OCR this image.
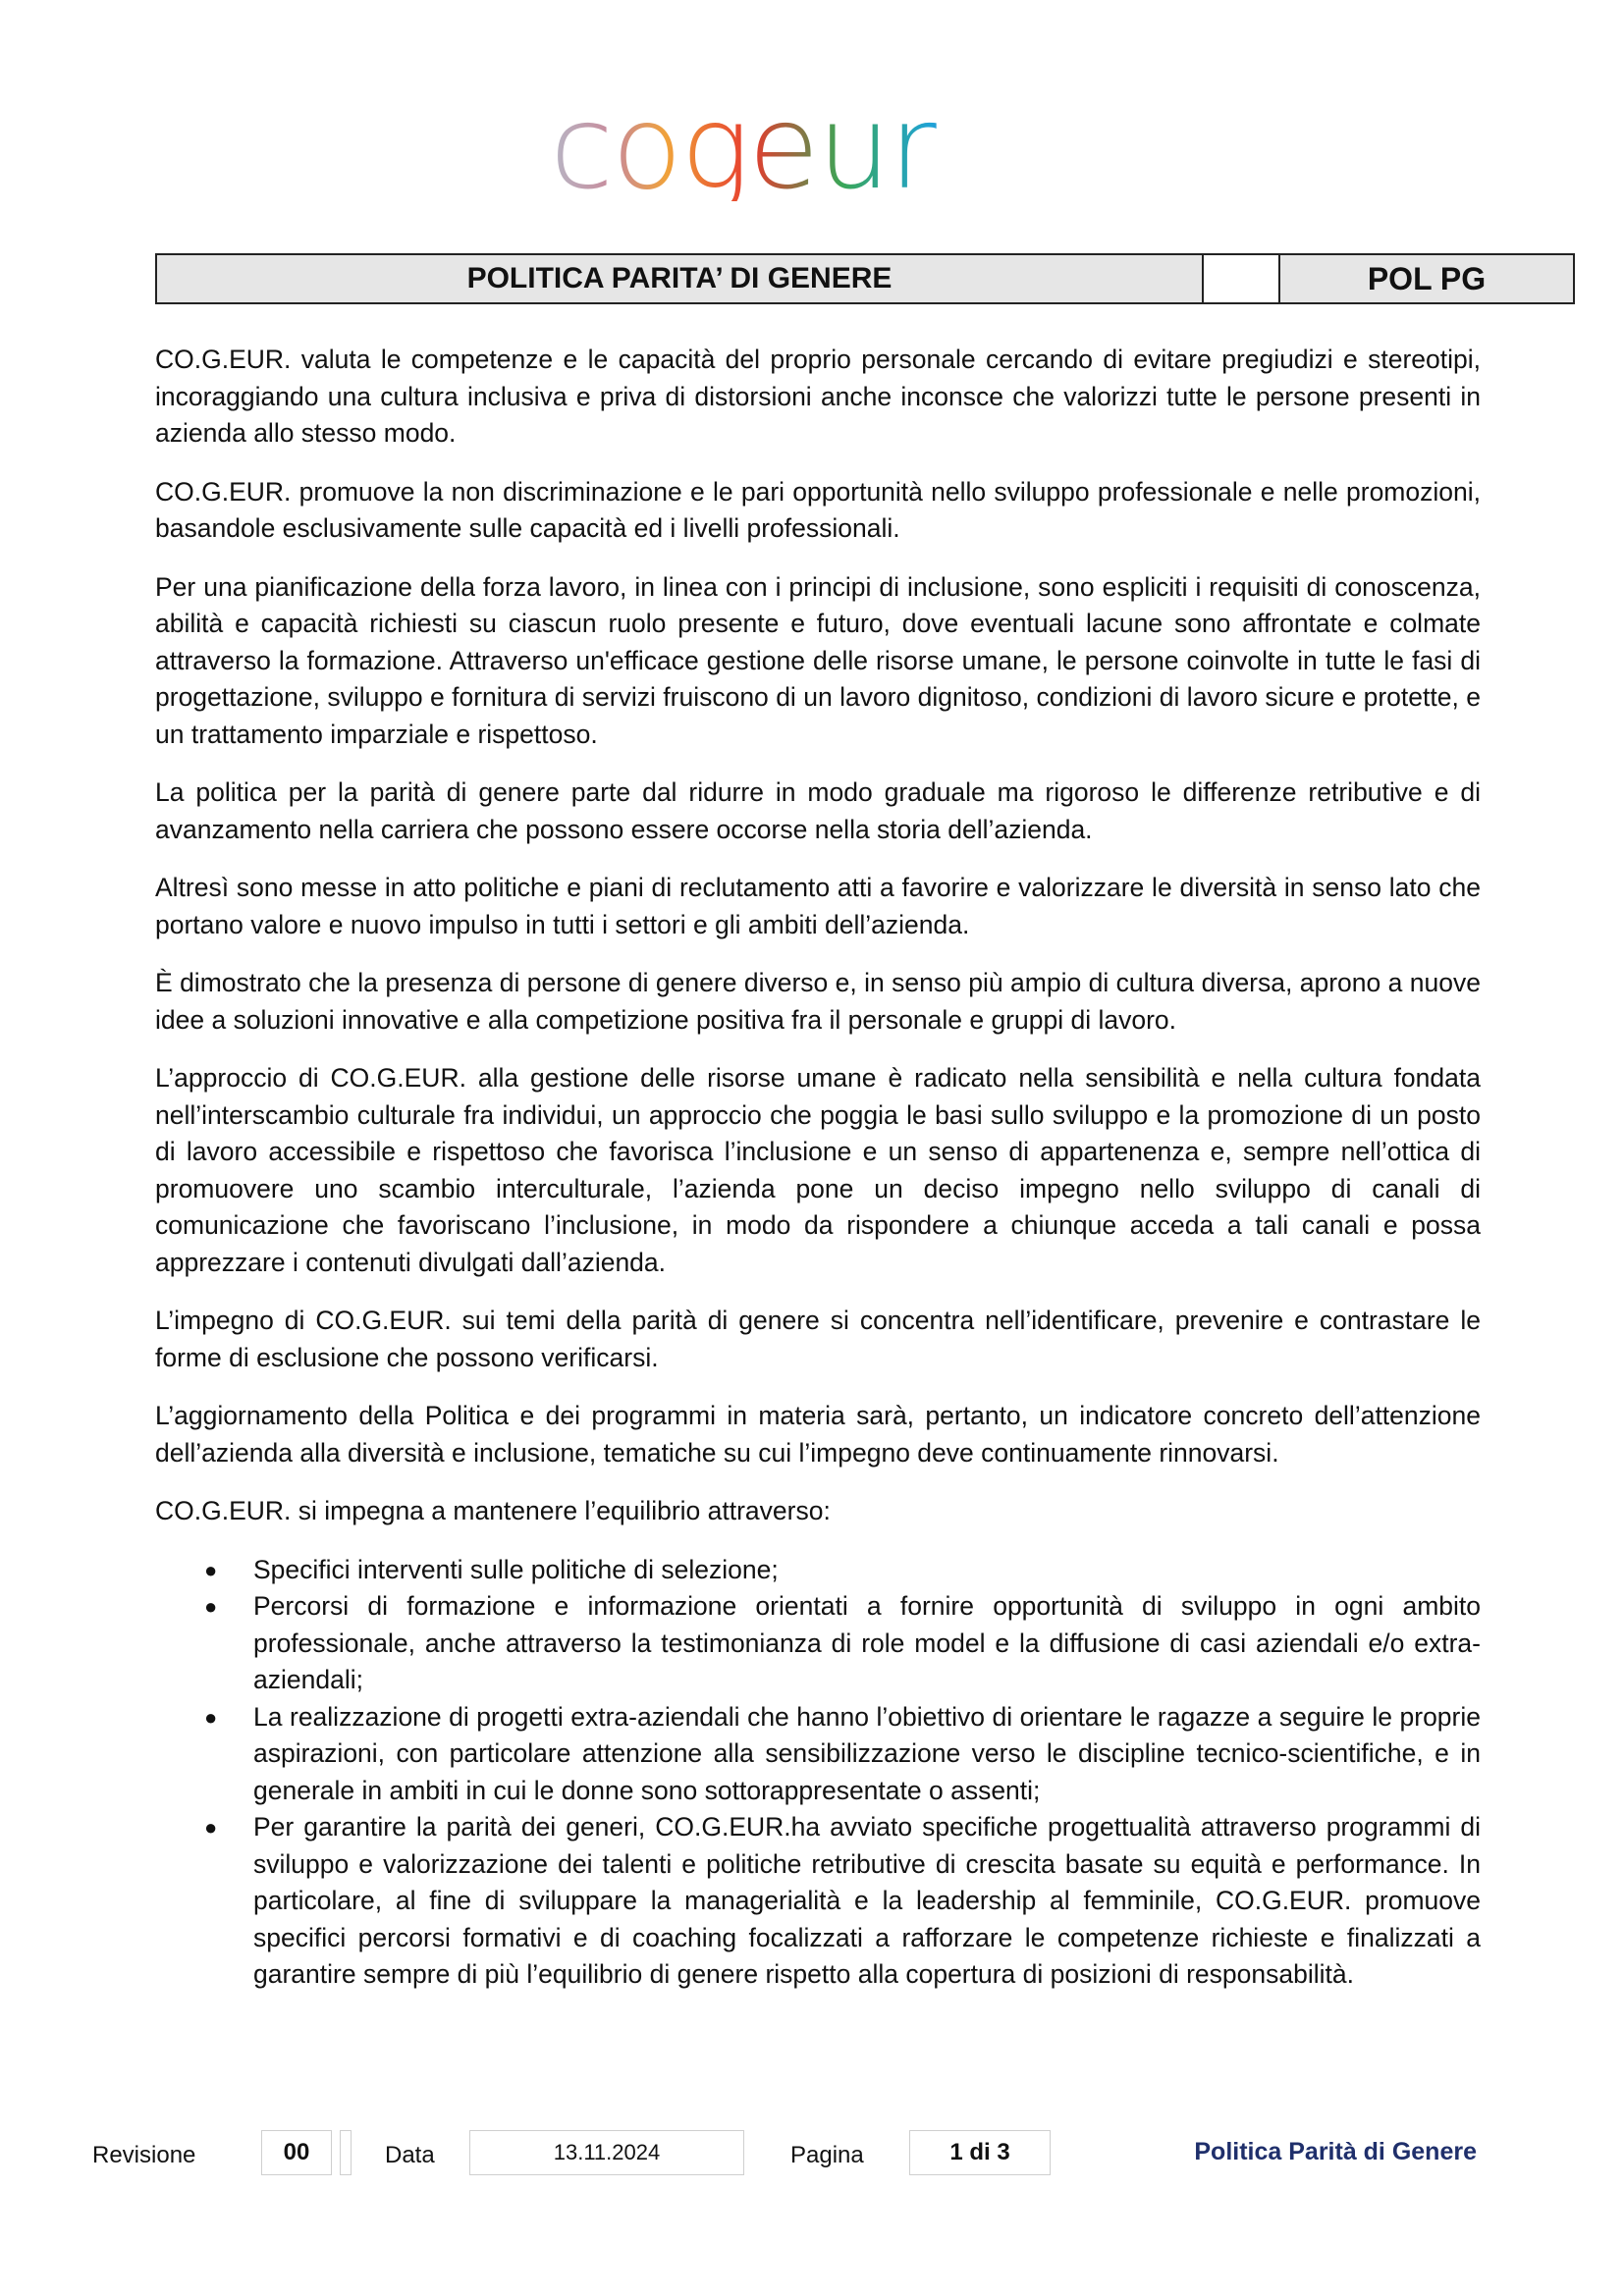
cogeur
POLITICA PARITA’ DI GENERE	POL PG

CO.G.EUR. valuta le competenze e le capacità del proprio personale cercando di evitare pregiudizi e stereotipi, incoraggiando una cultura inclusiva e priva di distorsioni anche inconsce che valorizzi tutte le persone presenti in azienda allo stesso modo.

CO.G.EUR. promuove la non discriminazione e le pari opportunità nello sviluppo professionale e nelle promozioni, basandole esclusivamente sulle capacità ed i livelli professionali.

Per una pianificazione della forza lavoro, in linea con i principi di inclusione, sono espliciti i requisiti di conoscenza, abilità e capacità richiesti su ciascun ruolo presente e futuro, dove eventuali lacune sono affrontate e colmate attraverso la formazione. Attraverso un'efficace gestione delle risorse umane, le persone coinvolte in tutte le fasi di progettazione, sviluppo e fornitura di servizi fruiscono di un lavoro dignitoso, condizioni di lavoro sicure e protette, e un trattamento imparziale e rispettoso.

La politica per la parità di genere parte dal ridurre in modo graduale ma rigoroso le differenze retributive e di avanzamento nella carriera che possono essere occorse nella storia dell’azienda.

Altresì sono messe in atto politiche e piani di reclutamento atti a favorire e valorizzare le diversità in senso lato che portano valore e nuovo impulso in tutti i settori e gli ambiti dell’azienda.

È dimostrato che la presenza di persone di genere diverso e, in senso più ampio di cultura diversa, aprono a nuove idee a soluzioni innovative e alla competizione positiva fra il personale e gruppi di lavoro.

L’approccio di CO.G.EUR. alla gestione delle risorse umane è radicato nella sensibilità e nella cultura fondata nell’interscambio culturale fra individui, un approccio che poggia le basi sullo sviluppo e la promozione di un posto di lavoro accessibile e rispettoso che favorisca l’inclusione e un senso di appartenenza e, sempre nell’ottica di promuovere uno scambio interculturale, l’azienda pone un deciso impegno nello sviluppo di canali di comunicazione che favoriscano l’inclusione, in modo da rispondere a chiunque acceda a tali canali e possa apprezzare i contenuti divulgati dall’azienda.

L’impegno di CO.G.EUR. sui temi della parità di genere si concentra nell’identificare, prevenire e contrastare le forme di esclusione che possono verificarsi.

L’aggiornamento della Politica e dei programmi in materia sarà, pertanto, un indicatore concreto dell’attenzione dell’azienda alla diversità e inclusione, tematiche su cui l’impegno deve continuamente rinnovarsi.

CO.G.EUR. si impegna a mantenere l’equilibrio attraverso:

● Specifici interventi sulle politiche di selezione;
● Percorsi di formazione e informazione orientati a fornire opportunità di sviluppo in ogni ambito professionale, anche attraverso la testimonianza di role model e la diffusione di casi aziendali e/o extra-aziendali;
● La realizzazione di progetti extra-aziendali che hanno l’obiettivo di orientare le ragazze a seguire le proprie aspirazioni, con particolare attenzione alla sensibilizzazione verso le discipline tecnico-scientifiche, e in generale in ambiti in cui le donne sono sottorappresentate o assenti;
● Per garantire la parità dei generi, CO.G.EUR.ha avviato specifiche progettualità attraverso programmi di sviluppo e valorizzazione dei talenti e politiche retributive di crescita basate su equità e performance. In particolare, al fine di sviluppare la managerialità e la leadership al femminile, CO.G.EUR. promuove specifici percorsi formativi e di coaching focalizzati a rafforzare le competenze richieste e finalizzati a garantire sempre di più l’equilibrio di genere rispetto alla copertura di posizioni di responsabilità.
Revisione	00	Data	13.11.2024	Pagina	1 di 3	Politica Parità di Genere
